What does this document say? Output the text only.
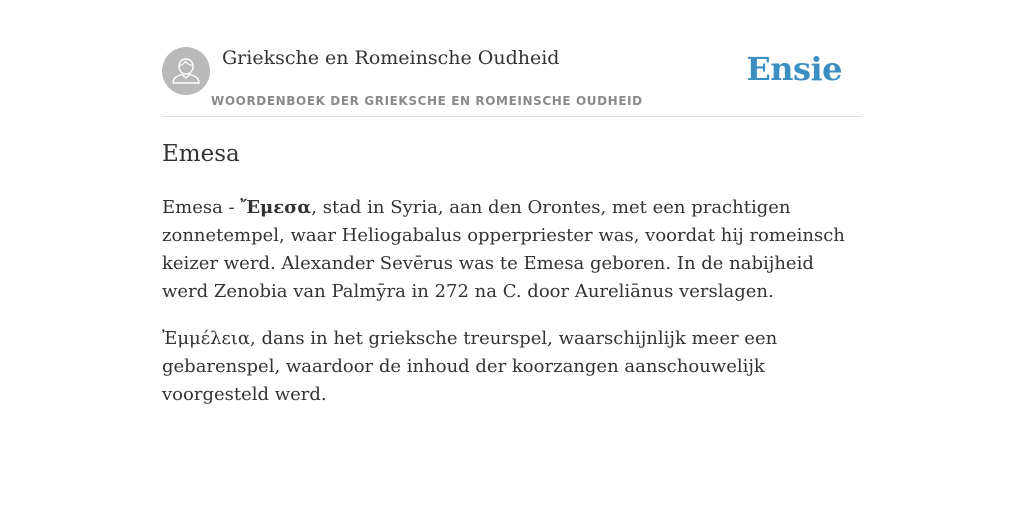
Grieksche en Romeinsche Oudheid
WOORDENBOEK DER GRIEKSCHE EN ROMEINSCHE OUDHEID
Ensie
Emesa

Emesa - Ἔμεσα, stad in Syria, aan den Orontes, met een prachtigen zonnetempel, waar Heliogabalus opperpriester was, voordat hij romeinsch keizer werd. Alexander Sevērus was te Emesa geboren. In de nabijheid werd Zenobia van Palmȳra in 272 na C. door Aureliānus verslagen.

Ἐμμέλεια, dans in het grieksche treurspel, waarschijnlijk meer een gebarenspel, waardoor de inhoud der koorzangen aanschouwelijk voorgesteld werd.
